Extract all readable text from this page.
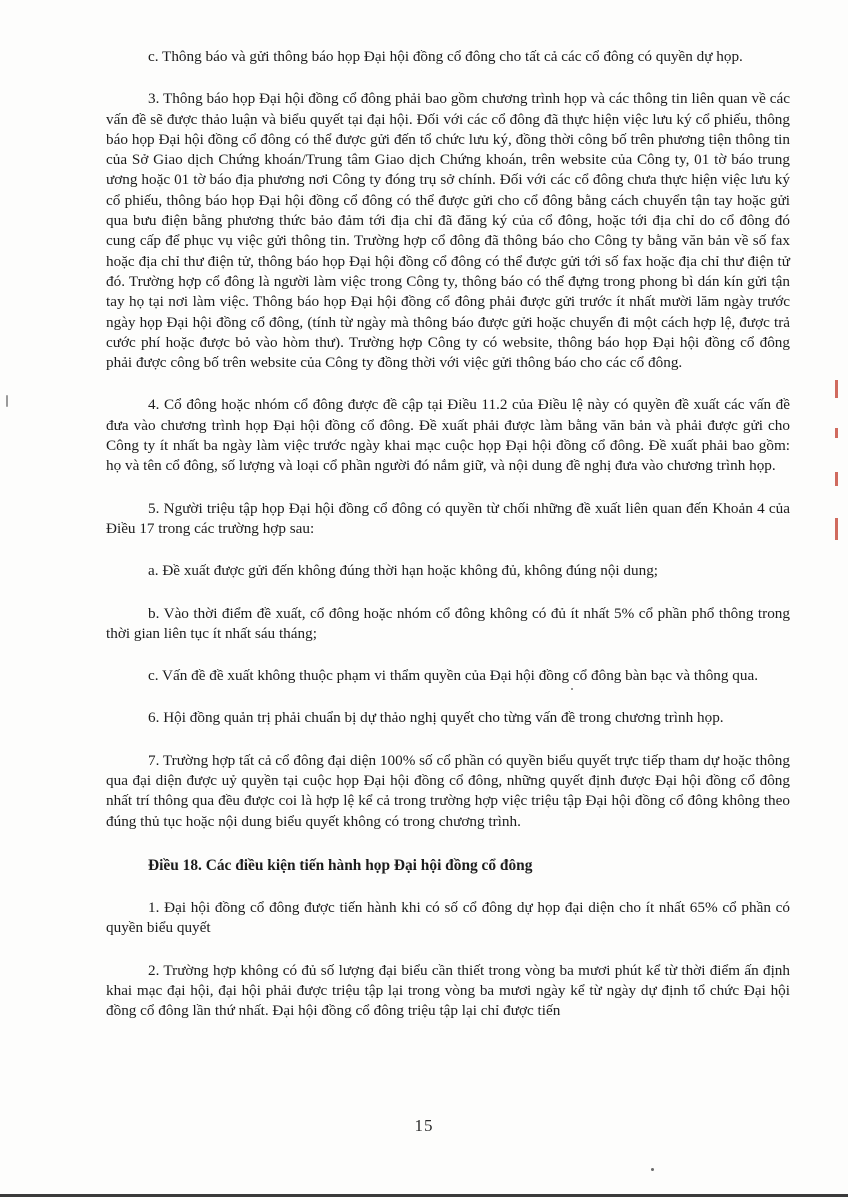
c. Thông báo và gửi thông báo họp Đại hội đồng cổ đông cho tất cả các cổ đông có quyền dự họp.

3. Thông báo họp Đại hội đồng cổ đông phải bao gồm chương trình họp và các thông tin liên quan về các vấn đề sẽ được thảo luận và biểu quyết tại đại hội. Đối với các cổ đông đã thực hiện việc lưu ký cổ phiếu, thông báo họp Đại hội đồng cổ đông có thể được gửi đến tổ chức lưu ký, đồng thời công bố trên phương tiện thông tin của Sở Giao dịch Chứng khoán/Trung tâm Giao dịch Chứng khoán, trên website của Công ty, 01 tờ báo trung ương hoặc 01 tờ báo địa phương nơi Công ty đóng trụ sở chính. Đối với các cổ đông chưa thực hiện việc lưu ký cổ phiếu, thông báo họp Đại hội đồng cổ đông có thể được gửi cho cổ đông bằng cách chuyển tận tay hoặc gửi qua bưu điện bằng phương thức bảo đảm tới địa chỉ đã đăng ký của cổ đông, hoặc tới địa chỉ do cổ đông đó cung cấp để phục vụ việc gửi thông tin. Trường hợp cổ đông đã thông báo cho Công ty bằng văn bản về số fax hoặc địa chỉ thư điện tử, thông báo họp Đại hội đồng cổ đông có thể được gửi tới số fax hoặc địa chỉ thư điện tử đó. Trường hợp cổ đông là người làm việc trong Công ty, thông báo có thể đựng trong phong bì dán kín gửi tận tay họ tại nơi làm việc. Thông báo họp Đại hội đồng cổ đông phải được gửi trước ít nhất mười lăm ngày trước ngày họp Đại hội đồng cổ đông, (tính từ ngày mà thông báo được gửi hoặc chuyển đi một cách hợp lệ, được trả cước phí hoặc được bỏ vào hòm thư). Trường hợp Công ty có website, thông báo họp Đại hội đồng cổ đông phải được công bố trên website của Công ty đồng thời với việc gửi thông báo cho các cổ đông.

4. Cổ đông hoặc nhóm cổ đông được đề cập tại Điều 11.2 của Điều lệ này có quyền đề xuất các vấn đề đưa vào chương trình họp Đại hội đồng cổ đông. Đề xuất phải được làm bằng văn bản và phải được gửi cho Công ty ít nhất ba ngày làm việc trước ngày khai mạc cuộc họp Đại hội đồng cổ đông. Đề xuất phải bao gồm: họ và tên cổ đông, số lượng và loại cổ phần người đó nắm giữ, và nội dung đề nghị đưa vào chương trình họp.

5. Người triệu tập họp Đại hội đồng cổ đông có quyền từ chối những đề xuất liên quan đến Khoản 4 của Điều 17 trong các trường hợp sau:

a. Đề xuất được gửi đến không đúng thời hạn hoặc không đủ, không đúng nội dung;

b. Vào thời điểm đề xuất, cổ đông hoặc nhóm cổ đông không có đủ ít nhất 5% cổ phần phổ thông trong thời gian liên tục ít nhất sáu tháng;

c. Vấn đề đề xuất không thuộc phạm vi thẩm quyền của Đại hội đồng cổ đông bàn bạc và thông qua.

6. Hội đồng quản trị phải chuẩn bị dự thảo nghị quyết cho từng vấn đề trong chương trình họp.

7. Trường hợp tất cả cổ đông đại diện 100% số cổ phần có quyền biểu quyết trực tiếp tham dự hoặc thông qua đại diện được uỷ quyền tại cuộc họp Đại hội đồng cổ đông, những quyết định được Đại hội đồng cổ đông nhất trí thông qua đều được coi là hợp lệ kể cả trong trường hợp việc triệu tập Đại hội đồng cổ đông không theo đúng thủ tục hoặc nội dung biểu quyết không có trong chương trình.

Điều 18. Các điều kiện tiến hành họp Đại hội đồng cổ đông

1. Đại hội đồng cổ đông được tiến hành khi có số cổ đông dự họp đại diện cho ít nhất 65% cổ phần có quyền biểu quyết

2. Trường hợp không có đủ số lượng đại biểu cần thiết trong vòng ba mươi phút kể từ thời điểm ấn định khai mạc đại hội, đại hội phải được triệu tập lại trong vòng ba mươi ngày kể từ ngày dự định tổ chức Đại hội đồng cổ đông lần thứ nhất. Đại hội đồng cổ đông triệu tập lại chỉ được tiến

15
